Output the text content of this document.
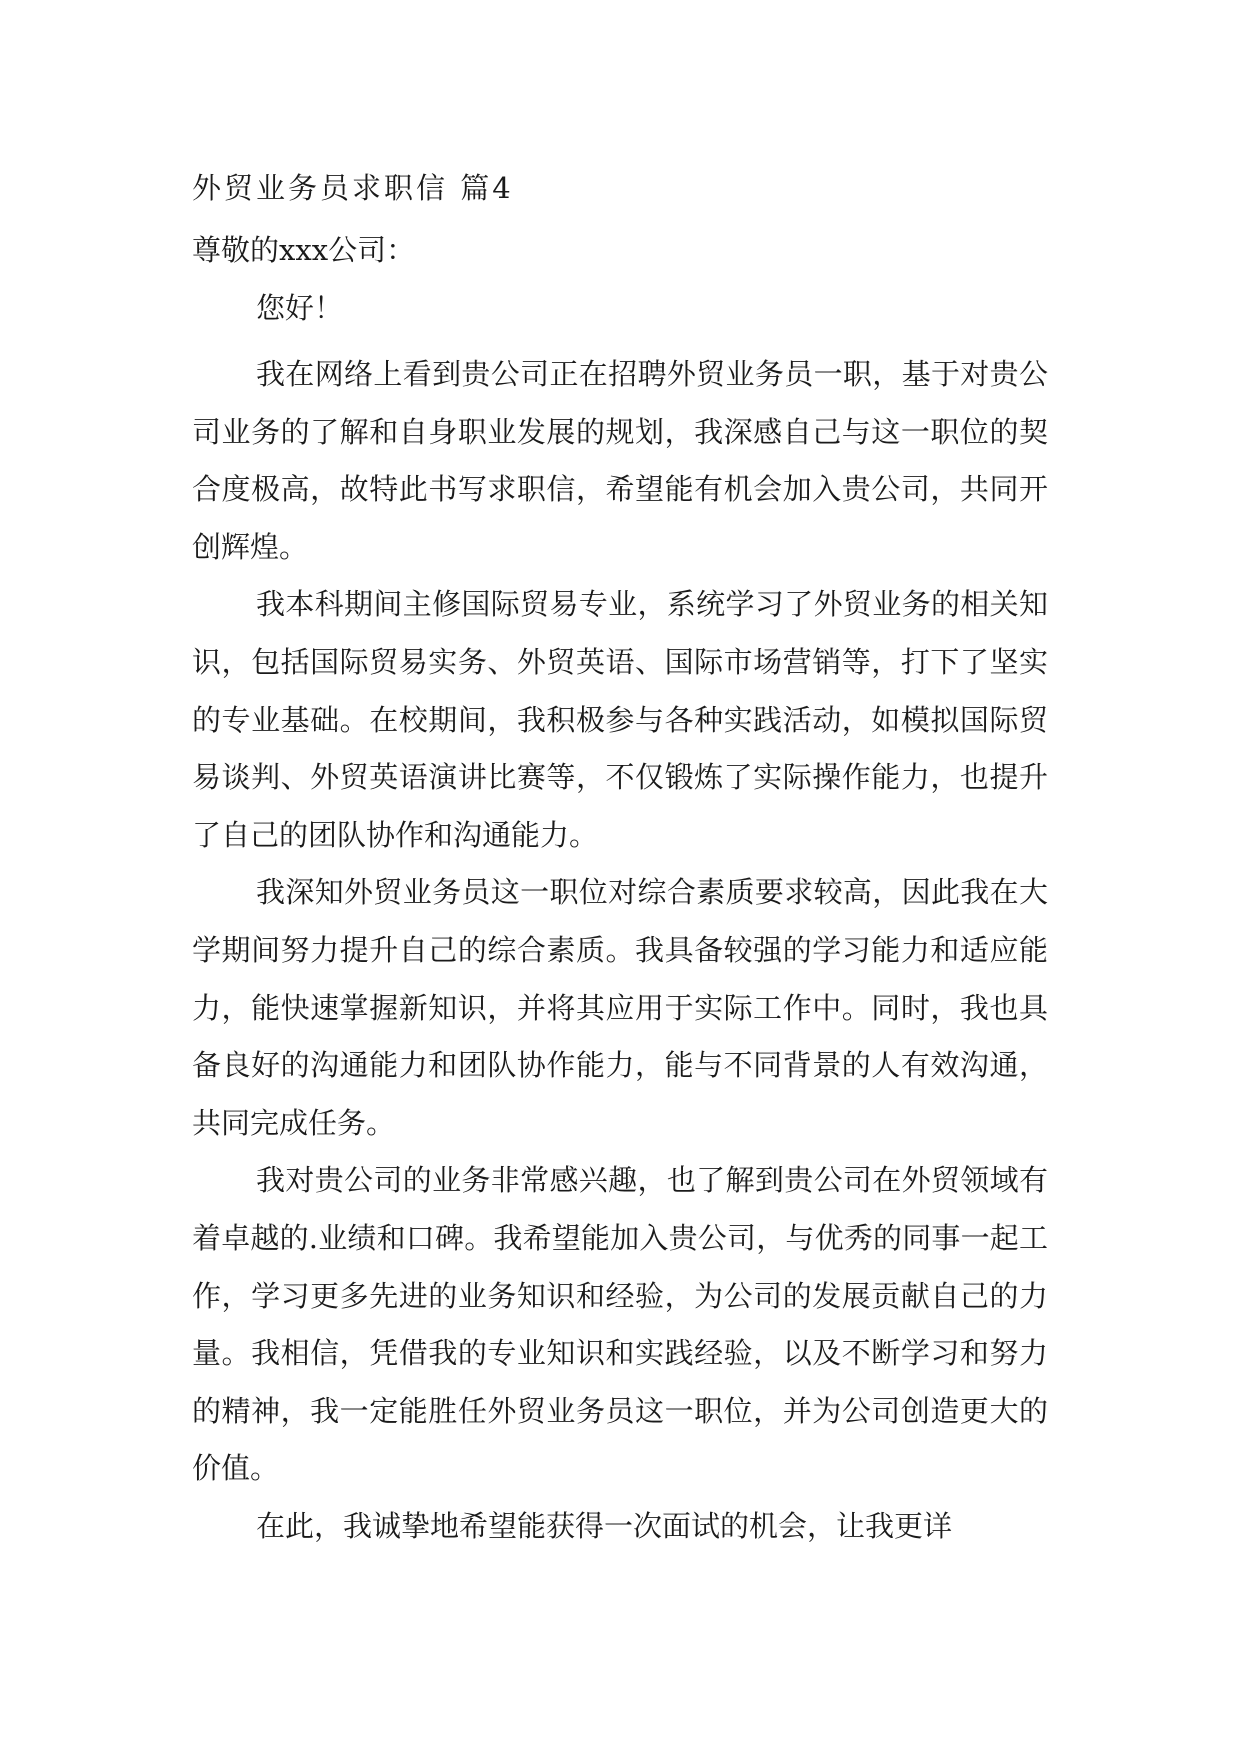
外贸业务员求职信 篇4

尊敬的xxx公司：

您好！

我在网络上看到贵公司正在招聘外贸业务员一职，基于对贵公司业务的了解和自身职业发展的规划，我深感自己与这一职位的契合度极高，故特此书写求职信，希望能有机会加入贵公司，共同开创辉煌。

我本科期间主修国际贸易专业，系统学习了外贸业务的相关知识，包括国际贸易实务、外贸英语、国际市场营销等，打下了坚实的专业基础。在校期间，我积极参与各种实践活动，如模拟国际贸易谈判、外贸英语演讲比赛等，不仅锻炼了实际操作能力，也提升了自己的团队协作和沟通能力。

我深知外贸业务员这一职位对综合素质要求较高，因此我在大学期间努力提升自己的综合素质。我具备较强的学习能力和适应能力，能快速掌握新知识，并将其应用于实际工作中。同时，我也具备良好的沟通能力和团队协作能力，能与不同背景的人有效沟通，共同完成任务。

我对贵公司的业务非常感兴趣，也了解到贵公司在外贸领域有着卓越的.业绩和口碑。我希望能加入贵公司，与优秀的同事一起工作，学习更多先进的业务知识和经验，为公司的发展贡献自己的力量。我相信，凭借我的专业知识和实践经验，以及不断学习和努力的精神，我一定能胜任外贸业务员这一职位，并为公司创造更大的价值。

在此，我诚挚地希望能获得一次面试的机会，让我更详
